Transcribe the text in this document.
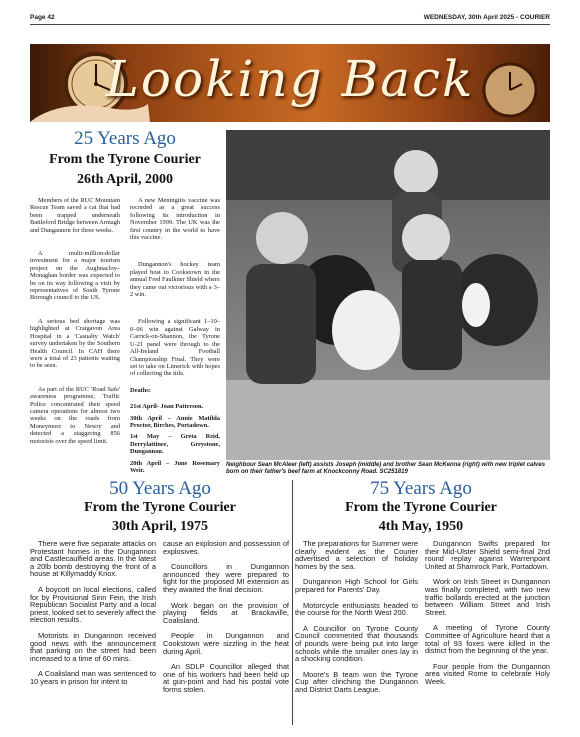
Page 42	WEDNESDAY, 30th April 2025 - COURIER
Looking Back
25 Years Ago
From the Tyrone Courier
26th April, 2000

Members of the RUC Mountain Rescue Team saved a cat that had been trapped underneath Battleford Bridge between Armagh and Dungannon for three weeks.

A multi-million-dollar investment for a major tourism project on the Aughnacloy–Monaghan border was expected to be on its way following a visit by representatives of South Tyrone Borough council to the US.

A serious bed shortage was highlighted at Craigavon Area Hospital in a 'Casualty Watch' survey undertaken by the Southern Health Council. In CAH there were a total of 23 patients waiting to be seen.

As part of the RUC 'Road Safe' awareness programme, Traffic Police concentrated their speed camera operations for almost two weeks on the roads from Moneymore to Newry and detected a staggering 856 motorists over the speed limit.

A new Meningitis vaccine was recorded as a great success following its introduction in November 1999. The UK was the first country in the world to have this vaccine.

Dungannon's hockey team played host to Cookstown in the annual Fred Faulkner Shield where they came out victorious with a 3–2 win.

Following a significant 1–10–0–06 win against Galway in Carrick-on-Shannon, the Tyrone U-21 panel were through to the All-Ireland Football Championship Final. They were set to take on Limerick with hopes of collecting the title.

Deaths:

21st April- Joan Patterson.

30th April – Annie Matilda Proctor, Birches, Portadown.

1st May – Greta Reid, Derrylattinee, Greystone, Dungannon.

20th April – June Rosemary Weir.

Neighbour Sean McAleer (left) assists Joseph (middle) and brother Sean McKenna (right) with new triplet calves born on their father's beef farm at Knockconny Road. SC251819
50 Years Ago
From the Tyrone Courier
30th April, 1975

There were five separate attacks on Protestant homes in the Dungannon and Castlecaulfield areas. In the latest a 20lb bomb destroying the front of a house at Killymaddy Knox.

A boycott on local elections, called for by Provisional Sinn Fein, the Irish Republican Socialist Party and a local priest, looked set to severely affect the election results.

Motorists in Dungannon received good news with the announcement that parking on the street had been increased to a time of 60 mins.

A Coalisland man was sentenced to 10 years in prison for intent to

cause an explosion and possession of explosives.

Councillors in Dungannon announced they were prepared to fight for the proposed MI extension as they awaited the final decision.

Work began on the provision of playing fields at Brackaville, Coalisland.

People in Dungannon and Cookstown were sizzling in the heat during April.

An SDLP Councillor alleged that one of his workers had been held up at gun-point and had his postal vote forms stolen.

75 Years Ago
From the Tyrone Courier
4th May, 1950

The preparations for Summer were clearly evident as the Courier advertised a selection of holiday homes by the sea.

Dungannon High School for Girls prepared for Parents' Day.

Motorcycle enthusiasts headed to the course for the North West 200.

A Councillor on Tyrone County Council commented that thousands of pounds were being put into large schools while the smaller ones lay in a shocking condition.

Moore's B team won the Tyrone Cup after clinching the Dungannon and District Darts League.

Dungannon Swifts prepared for their Mid-Ulster Shield semi-final 2nd round replay against Warrenpoint United at Shamrock Park, Portadown.

Work on Irish Street in Dungannon was finally completed, with two new traffic bollards erected at the junction between William Street and Irish Street.

A meeting of Tyrone County Committee of Agriculture heard that a total of 93 foxes were killed in the district from the beginning of the year.

Four people from the Dungannon area visited Rome to celebrate Holy Week.
